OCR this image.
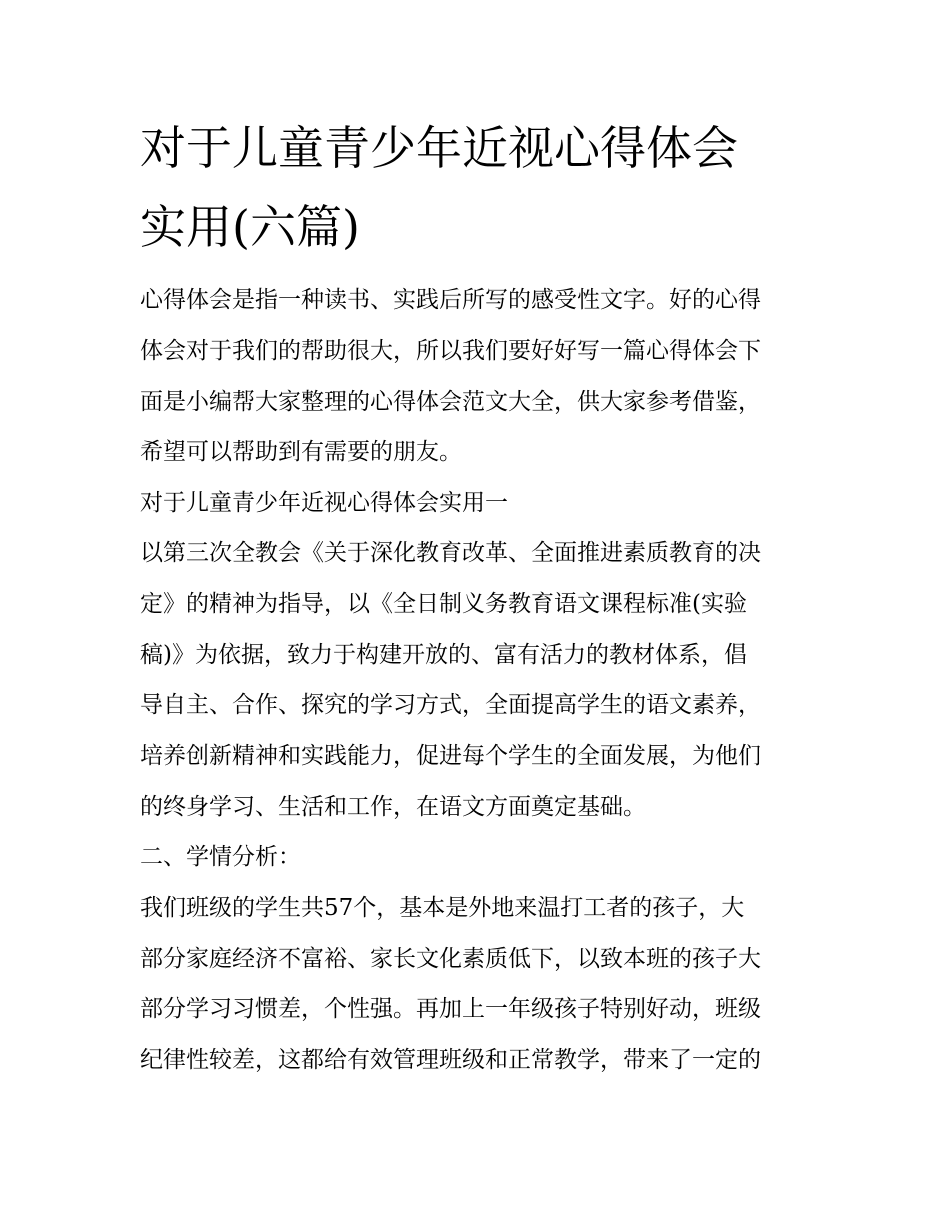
对于儿童青少年近视心得体会
实用(六篇)
心得体会是指一种读书、实践后所写的感受性文字。好的心得
体会对于我们的帮助很大，所以我们要好好写一篇心得体会下
面是小编帮大家整理的心得体会范文大全，供大家参考借鉴，
希望可以帮助到有需要的朋友。
对于儿童青少年近视心得体会实用一
以第三次全教会《关于深化教育改革、全面推进素质教育的决
定》的精神为指导，以《全日制义务教育语文课程标准(实验
稿)》为依据，致力于构建开放的、富有活力的教材体系，倡
导自主、合作、探究的学习方式，全面提高学生的语文素养，
培养创新精神和实践能力，促进每个学生的全面发展，为他们
的终身学习、生活和工作，在语文方面奠定基础。
二、学情分析：
我们班级的学生共57个，基本是外地来温打工者的孩子，大
部分家庭经济不富裕、家长文化素质低下，以致本班的孩子大
部分学习习惯差，个性强。再加上一年级孩子特别好动，班级
纪律性较差，这都给有效管理班级和正常教学，带来了一定的
